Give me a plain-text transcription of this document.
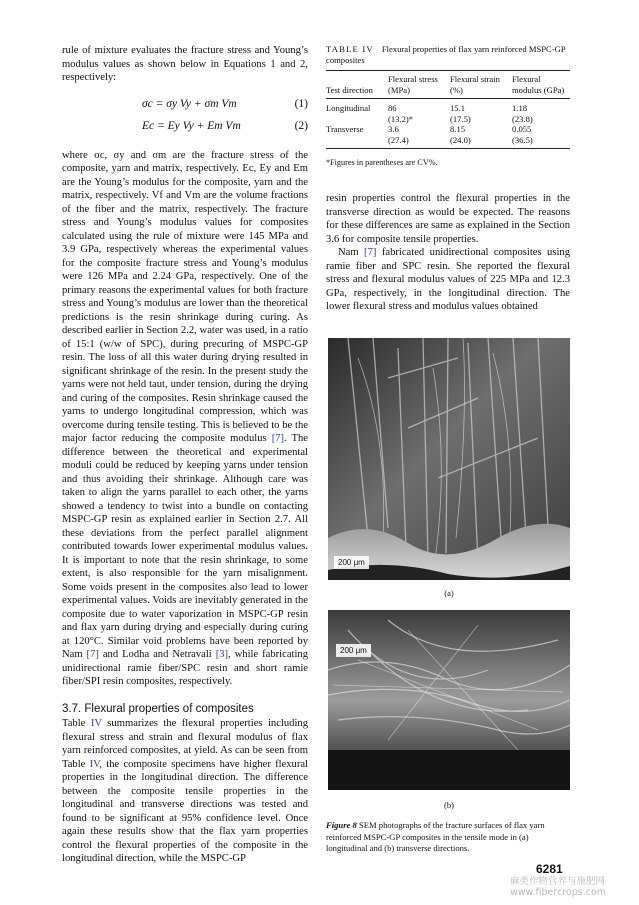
rule of mixture evaluates the fracture stress and Young’s modulus values as shown below in Equations 1 and 2, respectively:

σc = σy Vy + σm Vm	(1)
Ec = Ey Vy + Em Vm	(2)

where σc, σy and σm are the fracture stress of the composite, yarn and matrix, respectively. Ec, Ey and Em are the Young’s modulus for the composite, yarn and the matrix, respectively. Vf and Vm are the volume fractions of the fiber and the matrix, respectively. The fracture stress and Young’s modulus values for composites calculated using the rule of mixture were 145 MPa and 3.9 GPa, respectively whereas the experimental values for the composite fracture stress and Young’s modulus were 126 MPa and 2.24 GPa, respectively. One of the primary reasons the experimental values for both fracture stress and Young’s modulus are lower than the theoretical predictions is the resin shrinkage during curing. As described earlier in Section 2.2, water was used, in a ratio of 15:1 (w/w of SPC), during precuring of MSPC-GP resin. The loss of all this water during drying resulted in significant shrinkage of the resin. In the present study the yarns were not held taut, under tension, during the drying and curing of the composites. Resin shrinkage caused the yarns to undergo longitudinal compression, which was overcome during tensile testing. This is believed to be the major factor reducing the composite modulus [7]. The difference between the theoretical and experimental moduli could be reduced by keeping yarns under tension and thus avoiding their shrinkage. Although care was taken to align the yarns parallel to each other, the yarns showed a tendency to twist into a bundle on contacting MSPC-GP resin as explained earlier in Section 2.7. All these deviations from the perfect parallel alignment contributed towards lower experimental modulus values. It is important to note that the resin shrinkage, to some extent, is also responsible for the yarn misalignment. Some voids present in the composites also lead to lower experimental values. Voids are inevitably generated in the composite due to water vaporization in MSPC-GP resin and flax yarn during drying and especially during curing at 120°C. Similar void problems have been reported by Nam [7] and Lodha and Netravali [3], while fabricating unidirectional ramie fiber/SPC resin and short ramie fiber/SPI resin composites, respectively.

3.7. Flexural properties of composites

Table IV summarizes the flexural properties including flexural stress and strain and flexural modulus of flax yarn reinforced composites, at yield. As can be seen from Table IV, the composite specimens have higher flexural properties in the longitudinal direction. The difference between the composite tensile properties in the longitudinal and transverse directions was tested and found to be significant at 95% confidence level. Once again these results show that the flax yarn properties control the flexural properties of the composite in the longitudinal direction, while the MSPC-GP

TABLE IV Flexural properties of flax yarn reinforced MSPC-GP composites
Test direction	Flexural stress (MPa)	Flexural strain (%)	Flexural modulus (GPa)
Longitudinal	86	15.1	1.18
	(13.2)*	(17.5)	(23.8)
Transverse	3.6	8.15	0.055
	(27.4)	(24.0)	(36.5)
*Figures in parentheses are CV%.

resin properties control the flexural properties in the transverse direction as would be expected. The reasons for these differences are same as explained in the Section 3.6 for composite tensile properties.

Nam [7] fabricated unidirectional composites using ramie fiber and SPC resin. She reported the flexural stress and flexural modulus values of 225 MPa and 12.3 GPa, respectively, in the longitudinal direction. The lower flexural stress and modulus values obtained

200 μm
(a)
200 μm
(b)
Figure 8 SEM photographs of the fracture surfaces of flax yarn reinforced MSPC-GP composites in the tensile mode in (a) longitudinal and (b) transverse directions.
6281
麻类作物营养与施肥网
www.fibercrops.com
